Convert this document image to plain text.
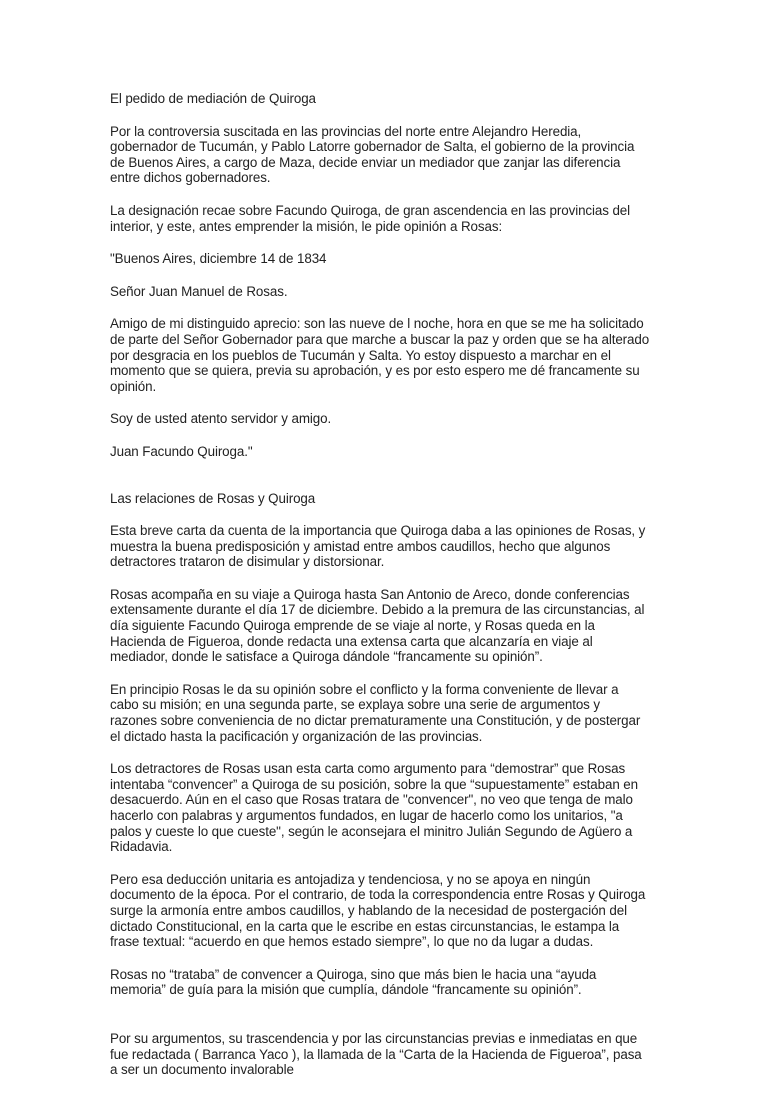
El pedido de mediación de Quiroga

Por la controversia suscitada en las provincias del norte entre Alejandro Heredia, gobernador de Tucumán, y Pablo Latorre gobernador de Salta, el gobierno de la provincia de Buenos Aires, a cargo de Maza, decide enviar un mediador que zanjar las diferencia entre dichos gobernadores.

La designación recae sobre Facundo Quiroga, de gran ascendencia en las provincias del interior, y este, antes emprender la misión, le pide opinión a Rosas:

"Buenos Aires, diciembre 14 de 1834

Señor Juan Manuel de Rosas.

Amigo de mi distinguido aprecio: son las nueve de l noche, hora en que se me ha solicitado de parte del Señor Gobernador para que marche a buscar la paz y orden que se ha alterado por desgracia en los pueblos de Tucumán y Salta. Yo estoy dispuesto a marchar en el momento que se quiera, previa su aprobación, y es por esto espero me dé francamente su opinión.

Soy de usted atento servidor y amigo.

Juan Facundo Quiroga."

Las relaciones de Rosas y Quiroga

Esta breve carta da cuenta de la importancia que Quiroga daba a las opiniones de Rosas, y muestra la buena predisposición y amistad entre ambos caudillos, hecho que algunos detractores trataron de disimular y distorsionar.

Rosas acompaña en su viaje a Quiroga hasta San Antonio de Areco, donde conferencias extensamente durante el día 17 de diciembre. Debido a la premura de las circunstancias, al día siguiente Facundo Quiroga emprende de se viaje al norte, y Rosas queda en la Hacienda de Figueroa, donde redacta una extensa carta que alcanzaría en viaje al mediador, donde le satisface a Quiroga dándole “francamente su opinión”.

En principio Rosas le da su opinión sobre el conflicto y la forma conveniente de llevar a cabo su misión; en una segunda parte, se explaya sobre una serie de argumentos y razones sobre conveniencia de no dictar prematuramente una Constitución, y de postergar el dictado hasta la pacificación y organización de las provincias.

Los detractores de Rosas usan esta carta como argumento para “demostrar” que Rosas intentaba “convencer” a Quiroga de su posición, sobre la que “supuestamente” estaban en desacuerdo. Aún en el caso que Rosas tratara de "convencer", no veo que tenga de malo hacerlo con palabras y argumentos fundados, en lugar de hacerlo como los unitarios, "a palos y cueste lo que cueste", según le aconsejara el minitro Julián Segundo de Agüero a Ridadavia.

Pero esa deducción unitaria es antojadiza y tendenciosa, y no se apoya en ningún documento de la época. Por el contrario, de toda la correspondencia entre Rosas y Quiroga surge la armonía entre ambos caudillos, y hablando de la necesidad de postergación del dictado Constitucional, en la carta que le escribe en estas circunstancias, le estampa la frase textual: “acuerdo en que hemos estado siempre”, lo que no da lugar a dudas.

Rosas no “trataba” de convencer a Quiroga, sino que más bien le hacia una “ayuda memoria” de guía para la misión que cumplía, dándole “francamente su opinión”.

Por su argumentos, su trascendencia y por las circunstancias previas e inmediatas en que fue redactada ( Barranca Yaco ), la llamada de la “Carta de la Hacienda de Figueroa”, pasa a ser un documento invalorable
